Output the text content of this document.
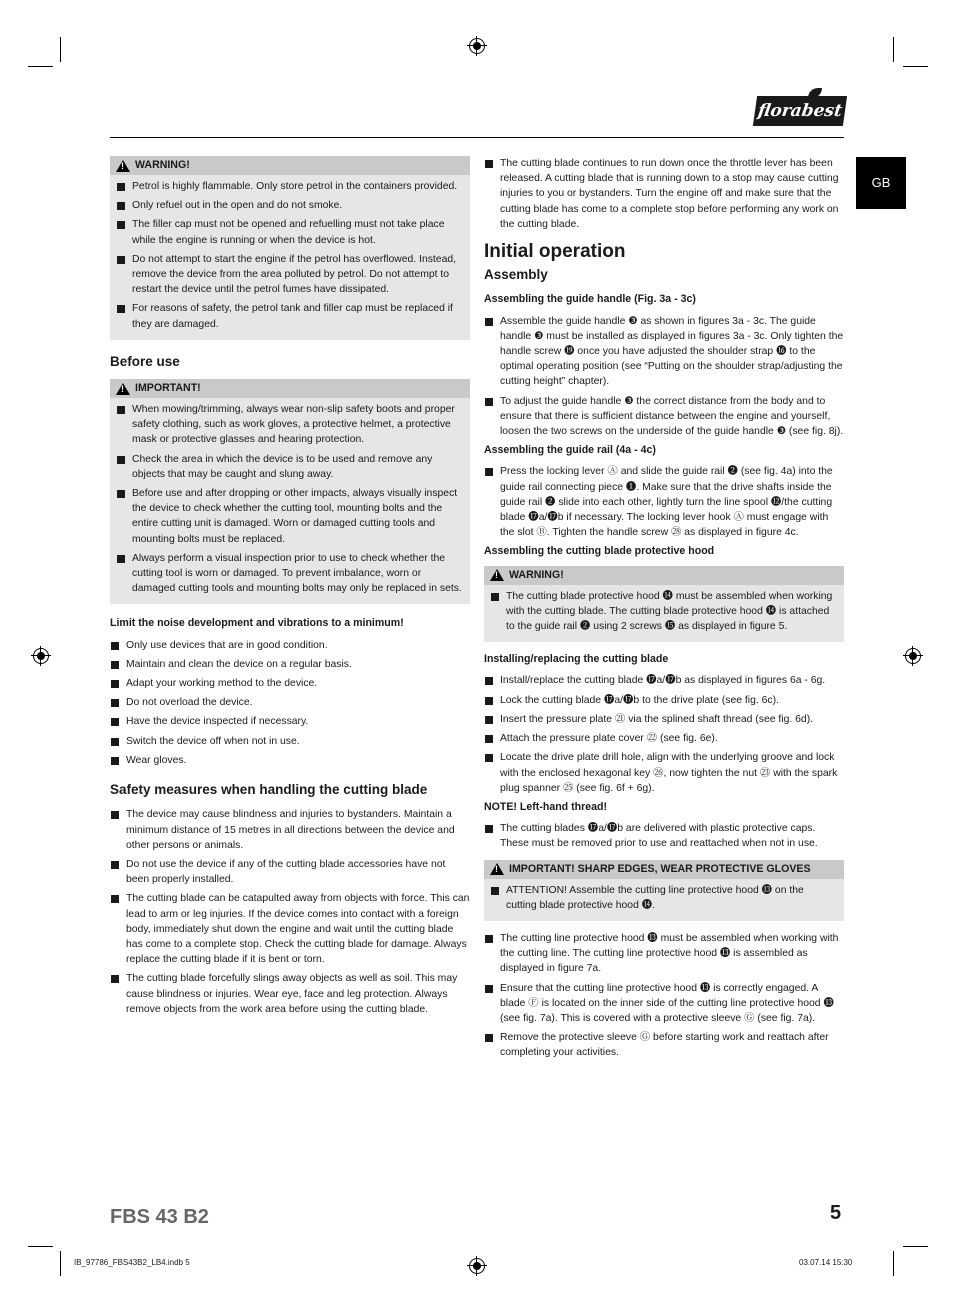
florabest
GB
!
WARNING!
Petrol is highly flammable. Only store petrol in the containers provided.
Only refuel out in the open and do not smoke.
The filler cap must not be opened and refuelling must not take place while the engine is running or when the device is hot.
Do not attempt to start the engine if the petrol has overflowed. Instead, remove the device from the area polluted by petrol. Do not attempt to restart the device until the petrol fumes have dissipated.
For reasons of safety, the petrol tank and filler cap must be replaced if they are damaged.
Before use
!
IMPORTANT!
When mowing/trimming, always wear non-slip safety boots and proper safety clothing, such as work gloves, a protective helmet, a protective mask or protective glasses and hearing protection.
Check the area in which the device is to be used and remove any objects that may be caught and slung away.
Before use and after dropping or other impacts, always visually inspect the device to check whether the cutting tool, mounting bolts and the entire cutting unit is damaged. Worn or damaged cutting tools and mounting bolts must be replaced.
Always perform a visual inspection prior to use to check whether the cutting tool is worn or damaged. To prevent imbalance, worn or damaged cutting tools and mounting bolts may only be replaced in sets.
Limit the noise development and vibrations to a minimum!
Only use devices that are in good condition.
Maintain and clean the device on a regular basis.
Adapt your working method to the device.
Do not overload the device.
Have the device inspected if necessary.
Switch the device off when not in use.
Wear gloves.
Safety measures when handling the cutting blade
The device may cause blindness and injuries to bystanders. Maintain a minimum distance of 15 metres in all directions between the device and other persons or animals.
Do not use the device if any of the cutting blade accessories have not been properly installed.
The cutting blade can be catapulted away from objects with force. This can lead to arm or leg injuries. If the device comes into contact with a foreign body, immediately shut down the engine and wait until the cutting blade has come to a complete stop. Check the cutting blade for damage. Always replace the cutting blade if it is bent or torn.
The cutting blade forcefully slings away objects as well as soil. This may cause blindness or injuries. Wear eye, face and leg protection. Always remove objects from the work area before using the cutting blade.
The cutting blade continues to run down once the throttle lever has been released. A cutting blade that is running down to a stop may cause cutting injuries to you or bystanders. Turn the engine off and make sure that the cutting blade has come to a complete stop before performing any work on the cutting blade.
Initial operation
Assembly
Assembling the guide handle (Fig. 3a - 3c)
Assemble the guide handle ❸ as shown in figures 3a - 3c. The guide handle ❸ must be installed as displayed in figures 3a - 3c. Only tighten the handle screw ⓳ once you have adjusted the shoulder strap ⓰ to the optimal operating position (see “Putting on the shoulder strap/adjusting the cutting height” chapter).
To adjust the guide handle ❸ the correct distance from the body and to ensure that there is sufficient distance between the engine and yourself, loosen the two screws on the underside of the guide handle ❸ (see fig. 8j).
Assembling the guide rail (4a - 4c)
Press the locking lever Ⓐ and slide the guide rail ❷ (see fig. 4a) into the guide rail connecting piece ❶. Make sure that the drive shafts inside the guide rail ❷ slide into each other, lightly turn the line spool ⓬/the cutting blade ⓱a/⓱b if necessary. The locking lever hook Ⓐ must engage with the slot Ⓑ. Tighten the handle screw ㉘ as displayed in figure 4c.
Assembling the cutting blade protective hood
!
WARNING!
The cutting blade protective hood ⓮ must be assembled when working with the cutting blade. The cutting blade protective hood ⓮ is attached to the guide rail ❷ using 2 screws ⓯ as displayed in figure 5.
Installing/replacing the cutting blade
Install/replace the cutting blade ⓱a/⓱b as displayed in figures 6a - 6g.
Lock the cutting blade ⓱a/⓱b to the drive plate (see fig. 6c).
Insert the pressure plate ㉑ via the splined shaft thread (see fig. 6d).
Attach the pressure plate cover ㉒ (see fig. 6e).
Locate the drive plate drill hole, align with the underlying groove and lock with the enclosed hexagonal key ㉖, now tighten the nut ㉓ with the spark plug spanner ㉕ (see fig. 6f + 6g).
NOTE! Left-hand thread!
The cutting blades ⓱a/⓱b are delivered with plastic protective caps. These must be removed prior to use and reattached when not in use.
!
IMPORTANT! SHARP EDGES, WEAR PROTECTIVE GLOVES
ATTENTION! Assemble the cutting line protective hood ⓭ on the cutting blade protective hood ⓮.
The cutting line protective hood ⓭ must be assembled when working with the cutting line. The cutting line protective hood ⓭ is assembled as displayed in figure 7a.
Ensure that the cutting line protective hood ⓭ is correctly engaged. A blade Ⓕ is located on the inner side of the cutting line protective hood ⓭ (see fig. 7a). This is covered with a protective sleeve Ⓖ (see fig. 7a).
Remove the protective sleeve Ⓖ before starting work and reattach after completing your activities.
FBS 43 B2	5
IB_97786_FBS43B2_LB4.indb 5	03.07.14 15:30
